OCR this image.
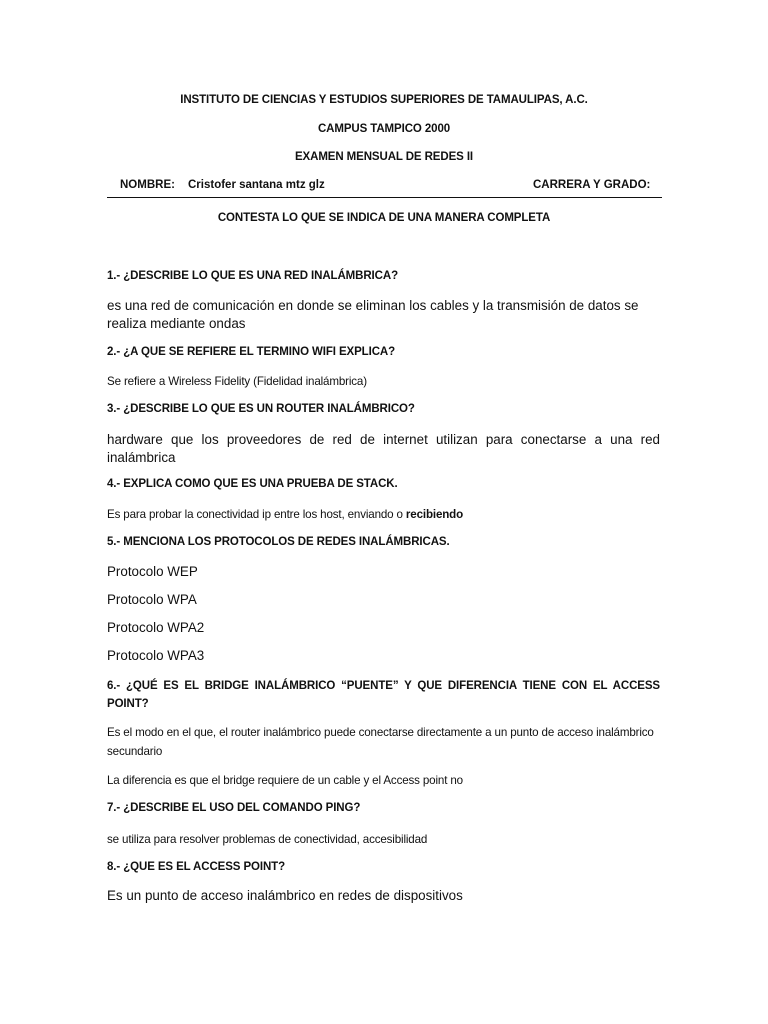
INSTITUTO DE CIENCIAS Y ESTUDIOS SUPERIORES DE TAMAULIPAS, A.C.
CAMPUS TAMPICO 2000
EXAMEN MENSUAL DE REDES II
NOMBRE: Cristofer santana mtz glz	CARRERA Y GRADO:
CONTESTA LO QUE SE INDICA DE UNA MANERA COMPLETA
1.- ¿DESCRIBE LO QUE ES UNA RED INALÁMBRICA?
es una red de comunicación en donde se eliminan los cables y la transmisión de datos se realiza mediante ondas
2.- ¿A QUE SE REFIERE EL TERMINO WIFI EXPLICA?
Se refiere a Wireless Fidelity (Fidelidad inalámbrica)
3.- ¿DESCRIBE LO QUE ES UN ROUTER INALÁMBRICO?
hardware que los proveedores de red de internet utilizan para conectarse a una red inalámbrica
4.- EXPLICA COMO QUE ES UNA PRUEBA DE STACK.
Es para probar la conectividad ip entre los host, enviando o recibiendo
5.- MENCIONA LOS PROTOCOLOS DE REDES INALÁMBRICAS.
Protocolo WEP
Protocolo WPA
Protocolo WPA2
Protocolo WPA3
6.- ¿QUÉ ES EL BRIDGE INALÁMBRICO “PUENTE” Y QUE DIFERENCIA TIENE CON EL ACCESS POINT?
Es el modo en el que, el router inalámbrico puede conectarse directamente a un punto de acceso inalámbrico secundario
La diferencia es que el bridge requiere de un cable y el Access point no
7.- ¿DESCRIBE EL USO DEL COMANDO PING?
se utiliza para resolver problemas de conectividad, accesibilidad
8.- ¿QUE ES EL ACCESS POINT?
Es un punto de acceso inalámbrico en redes de dispositivos
